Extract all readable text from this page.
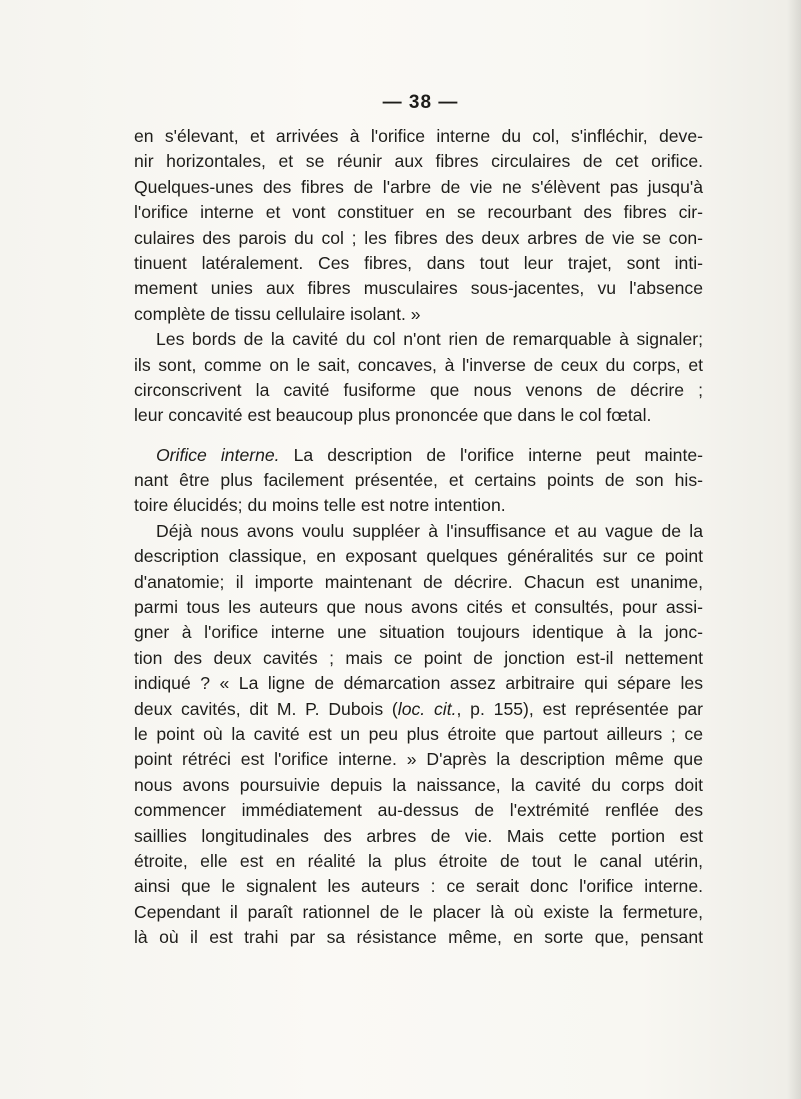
— 38 —
en s'élevant, et arrivées à l'orifice interne du col, s'infléchir, deve-
nir horizontales, et se réunir aux fibres circulaires de cet orifice.
Quelques-unes des fibres de l'arbre de vie ne s'élèvent pas jusqu'à
l'orifice interne et vont constituer en se recourbant des fibres cir-
culaires des parois du col ; les fibres des deux arbres de vie se con-
tinuent latéralement. Ces fibres, dans tout leur trajet, sont inti-
mement unies aux fibres musculaires sous-jacentes, vu l'absence
complète de tissu cellulaire isolant. »
Les bords de la cavité du col n'ont rien de remarquable à signaler;
ils sont, comme on le sait, concaves, à l'inverse de ceux du corps, et
circonscrivent la cavité fusiforme que nous venons de décrire ;
leur concavité est beaucoup plus prononcée que dans le col fœtal.
Orifice interne. La description de l'orifice interne peut mainte-
nant être plus facilement présentée, et certains points de son his-
toire élucidés; du moins telle est notre intention.
Déjà nous avons voulu suppléer à l'insuffisance et au vague de la
description classique, en exposant quelques généralités sur ce point
d'anatomie; il importe maintenant de décrire. Chacun est unanime,
parmi tous les auteurs que nous avons cités et consultés, pour assi-
gner à l'orifice interne une situation toujours identique à la jonc-
tion des deux cavités ; mais ce point de jonction est-il nettement
indiqué ? « La ligne de démarcation assez arbitraire qui sépare les
deux cavités, dit M. P. Dubois (loc. cit., p. 155), est représentée par
le point où la cavité est un peu plus étroite que partout ailleurs ; ce
point rétréci est l'orifice interne. » D'après la description même que
nous avons poursuivie depuis la naissance, la cavité du corps doit
commencer immédiatement au-dessus de l'extrémité renflée des
saillies longitudinales des arbres de vie. Mais cette portion est
étroite, elle est en réalité la plus étroite de tout le canal utérin,
ainsi que le signalent les auteurs : ce serait donc l'orifice interne.
Cependant il paraît rationnel de le placer là où existe la fermeture,
là où il est trahi par sa résistance même, en sorte que, pensant
